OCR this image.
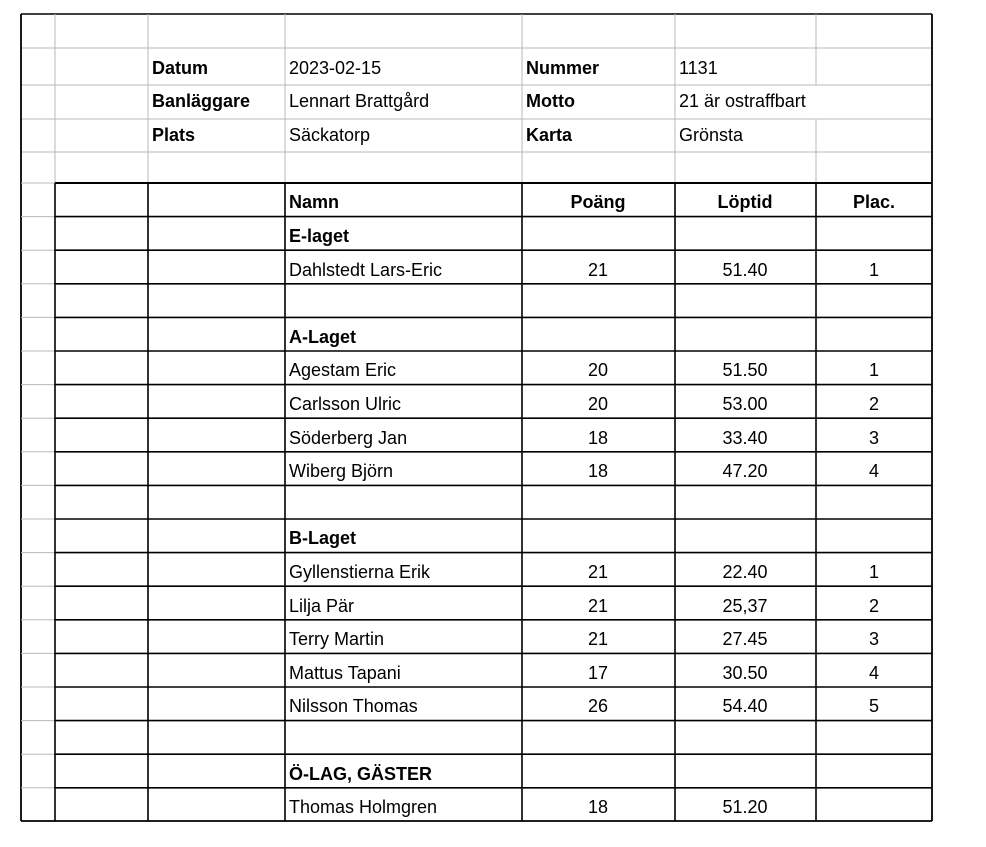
Datum	2023-02-15	Nummer	1131
Banläggare	Lennart Brattgård	Motto	21 är ostraffbart
Plats	Säckatorp	Karta	Grönsta
Namn	Poäng	Löptid	Plac.
E-laget
Dahlstedt Lars-Eric	21	51.40	1
A-Laget
Agestam Eric	20	51.50	1
Carlsson Ulric	20	53.00	2
Söderberg Jan	18	33.40	3
Wiberg Björn	18	47.20	4
B-Laget
Gyllenstierna Erik	21	22.40	1
Lilja Pär	21	25,37	2
Terry Martin	21	27.45	3
Mattus Tapani	17	30.50	4
Nilsson Thomas	26	54.40	5
Ö-LAG, GÄSTER
Thomas Holmgren	18	51.20
